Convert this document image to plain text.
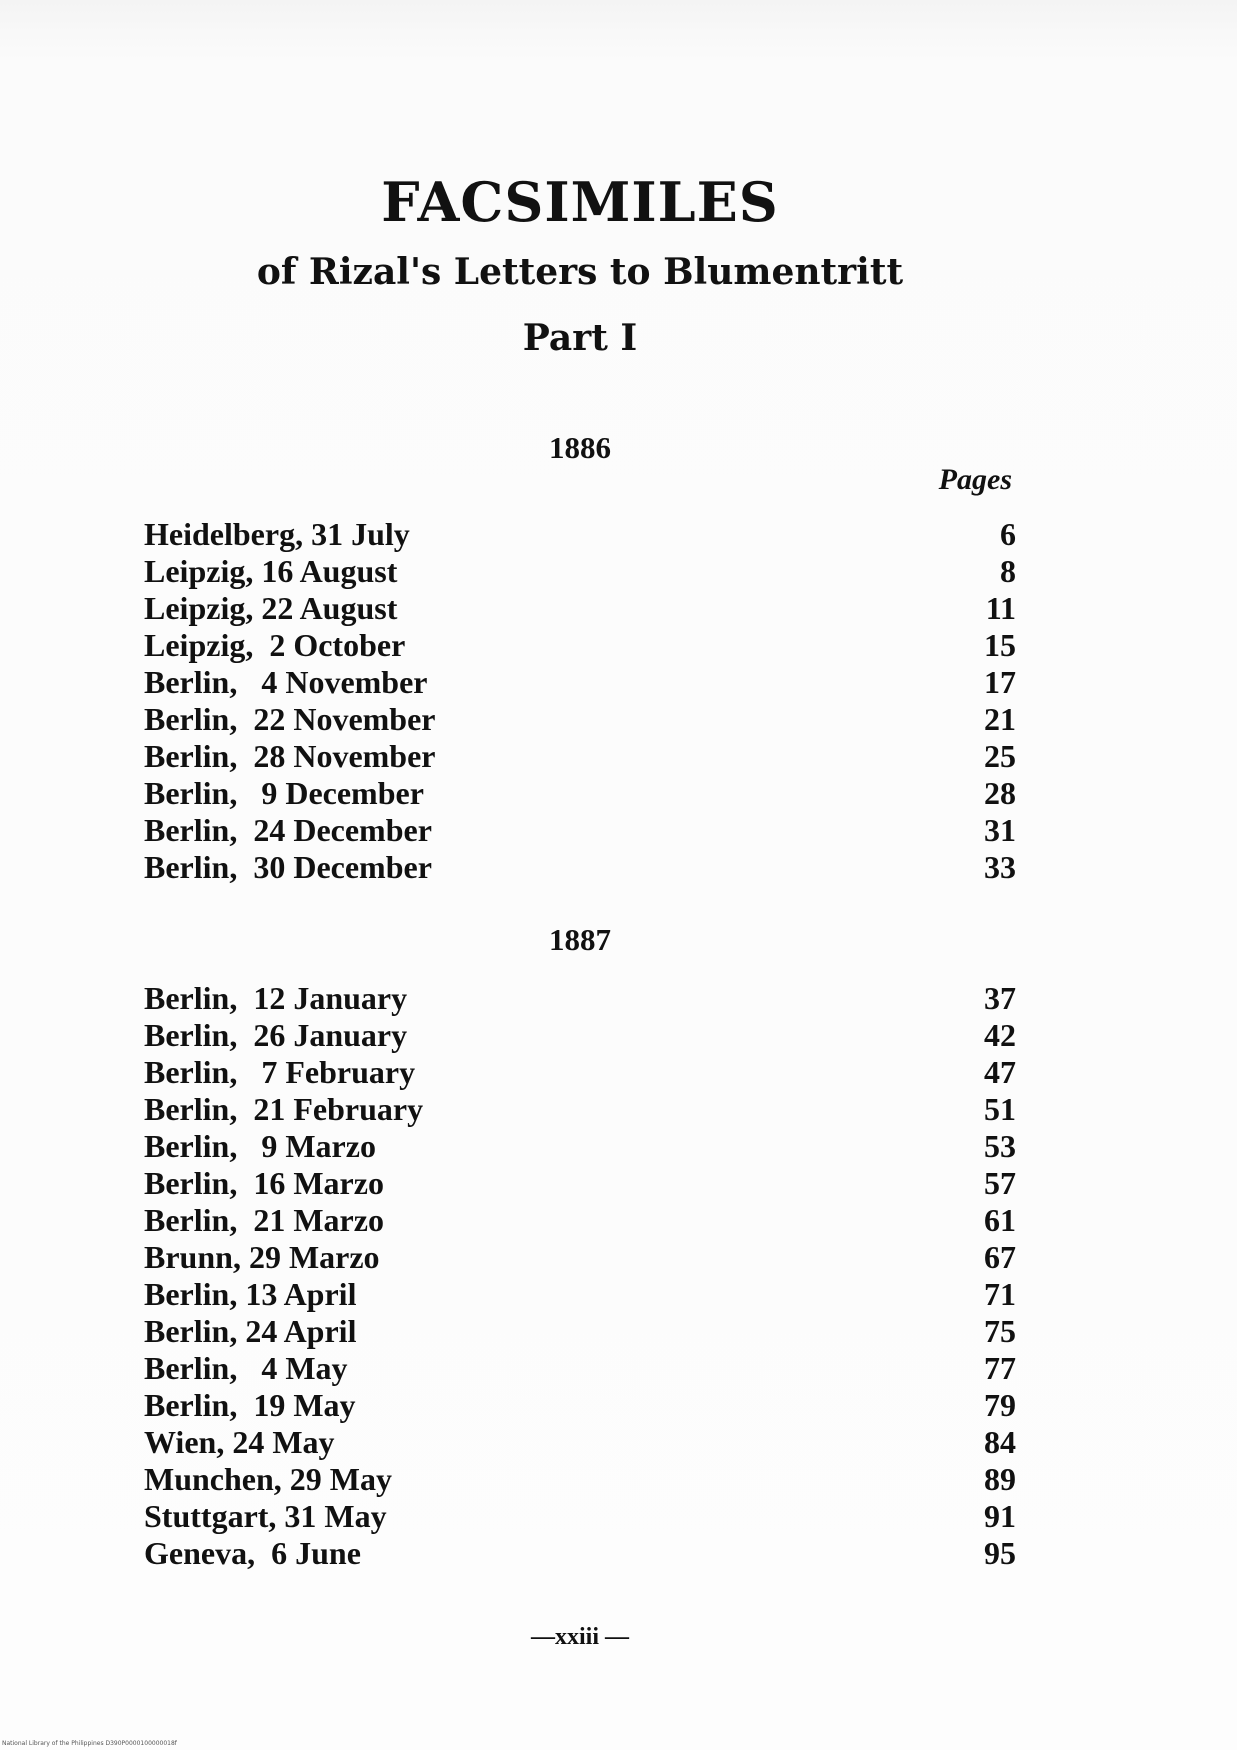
FACSIMILES
of Rizal's Letters to Blumentritt
Part I
1886
Pages
Heidelberg, 31 July	6
Leipzig, 16 August	8
Leipzig, 22 August	11
Leipzig,  2 October	15
Berlin,   4 November	17
Berlin,  22 November	21
Berlin,  28 November	25
Berlin,   9 December	28
Berlin,  24 December	31
Berlin,  30 December	33
1887
Berlin,  12 January	37
Berlin,  26 January	42
Berlin,   7 February	47
Berlin,  21 February	51
Berlin,   9 Marzo	53
Berlin,  16 Marzo	57
Berlin,  21 Marzo	61
Brunn, 29 Marzo	67
Berlin, 13 April	71
Berlin, 24 April	75
Berlin,   4 May	77
Berlin,  19 May	79
Wien, 24 May	84
Munchen, 29 May	89
Stuttgart, 31 May	91
Geneva,  6 June	95
—xxiii —
National Library of the Philippines D390P0000100000018f
